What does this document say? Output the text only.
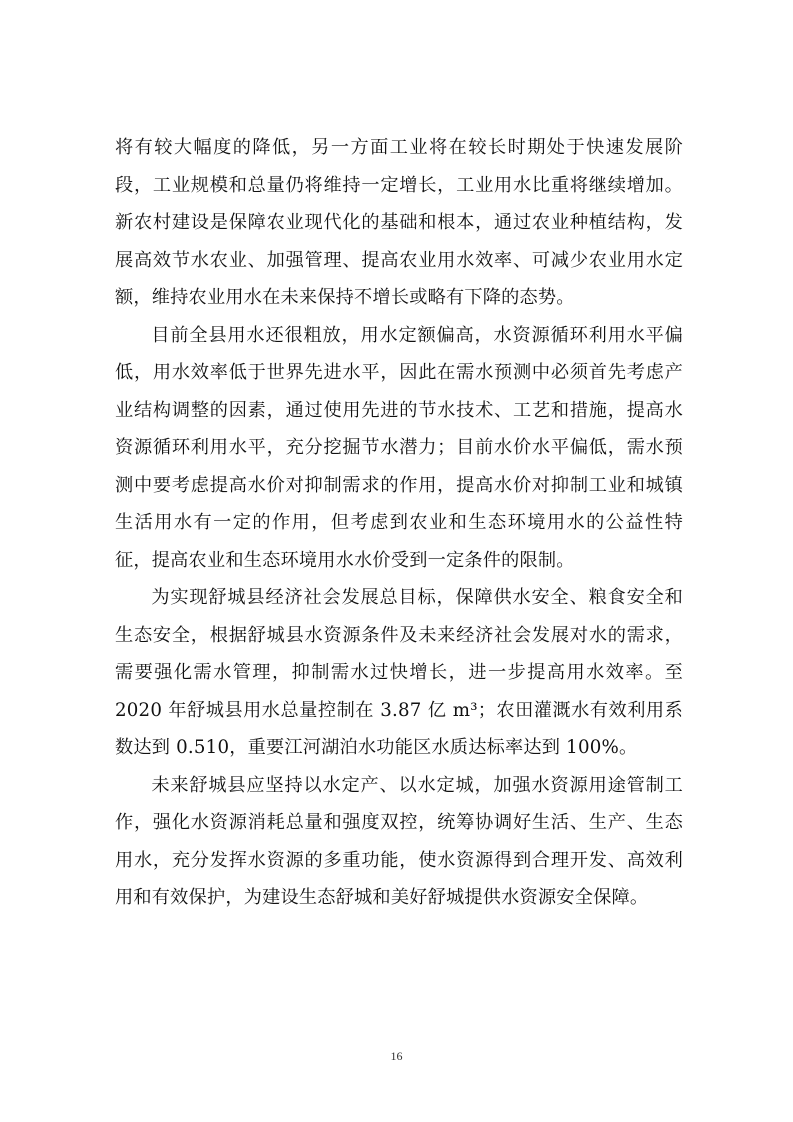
将有较大幅度的降低，另一方面工业将在较长时期处于快速发展阶段，工业规模和总量仍将维持一定增长，工业用水比重将继续增加。新农村建设是保障农业现代化的基础和根本，通过农业种植结构，发展高效节水农业、加强管理、提高农业用水效率、可减少农业用水定额，维持农业用水在未来保持不增长或略有下降的态势。

目前全县用水还很粗放，用水定额偏高，水资源循环利用水平偏低，用水效率低于世界先进水平，因此在需水预测中必须首先考虑产业结构调整的因素，通过使用先进的节水技术、工艺和措施，提高水资源循环利用水平，充分挖掘节水潜力；目前水价水平偏低，需水预测中要考虑提高水价对抑制需求的作用，提高水价对抑制工业和城镇生活用水有一定的作用，但考虑到农业和生态环境用水的公益性特征，提高农业和生态环境用水水价受到一定条件的限制。

为实现舒城县经济社会发展总目标，保障供水安全、粮食安全和生态安全，根据舒城县水资源条件及未来经济社会发展对水的需求，需要强化需水管理，抑制需水过快增长，进一步提高用水效率。至 2020 年舒城县用水总量控制在 3.87 亿 m³；农田灌溉水有效利用系数达到 0.510，重要江河湖泊水功能区水质达标率达到 100%。

未来舒城县应坚持以水定产、以水定城，加强水资源用途管制工作，强化水资源消耗总量和强度双控，统筹协调好生活、生产、生态用水，充分发挥水资源的多重功能，使水资源得到合理开发、高效利用和有效保护，为建设生态舒城和美好舒城提供水资源安全保障。

16
